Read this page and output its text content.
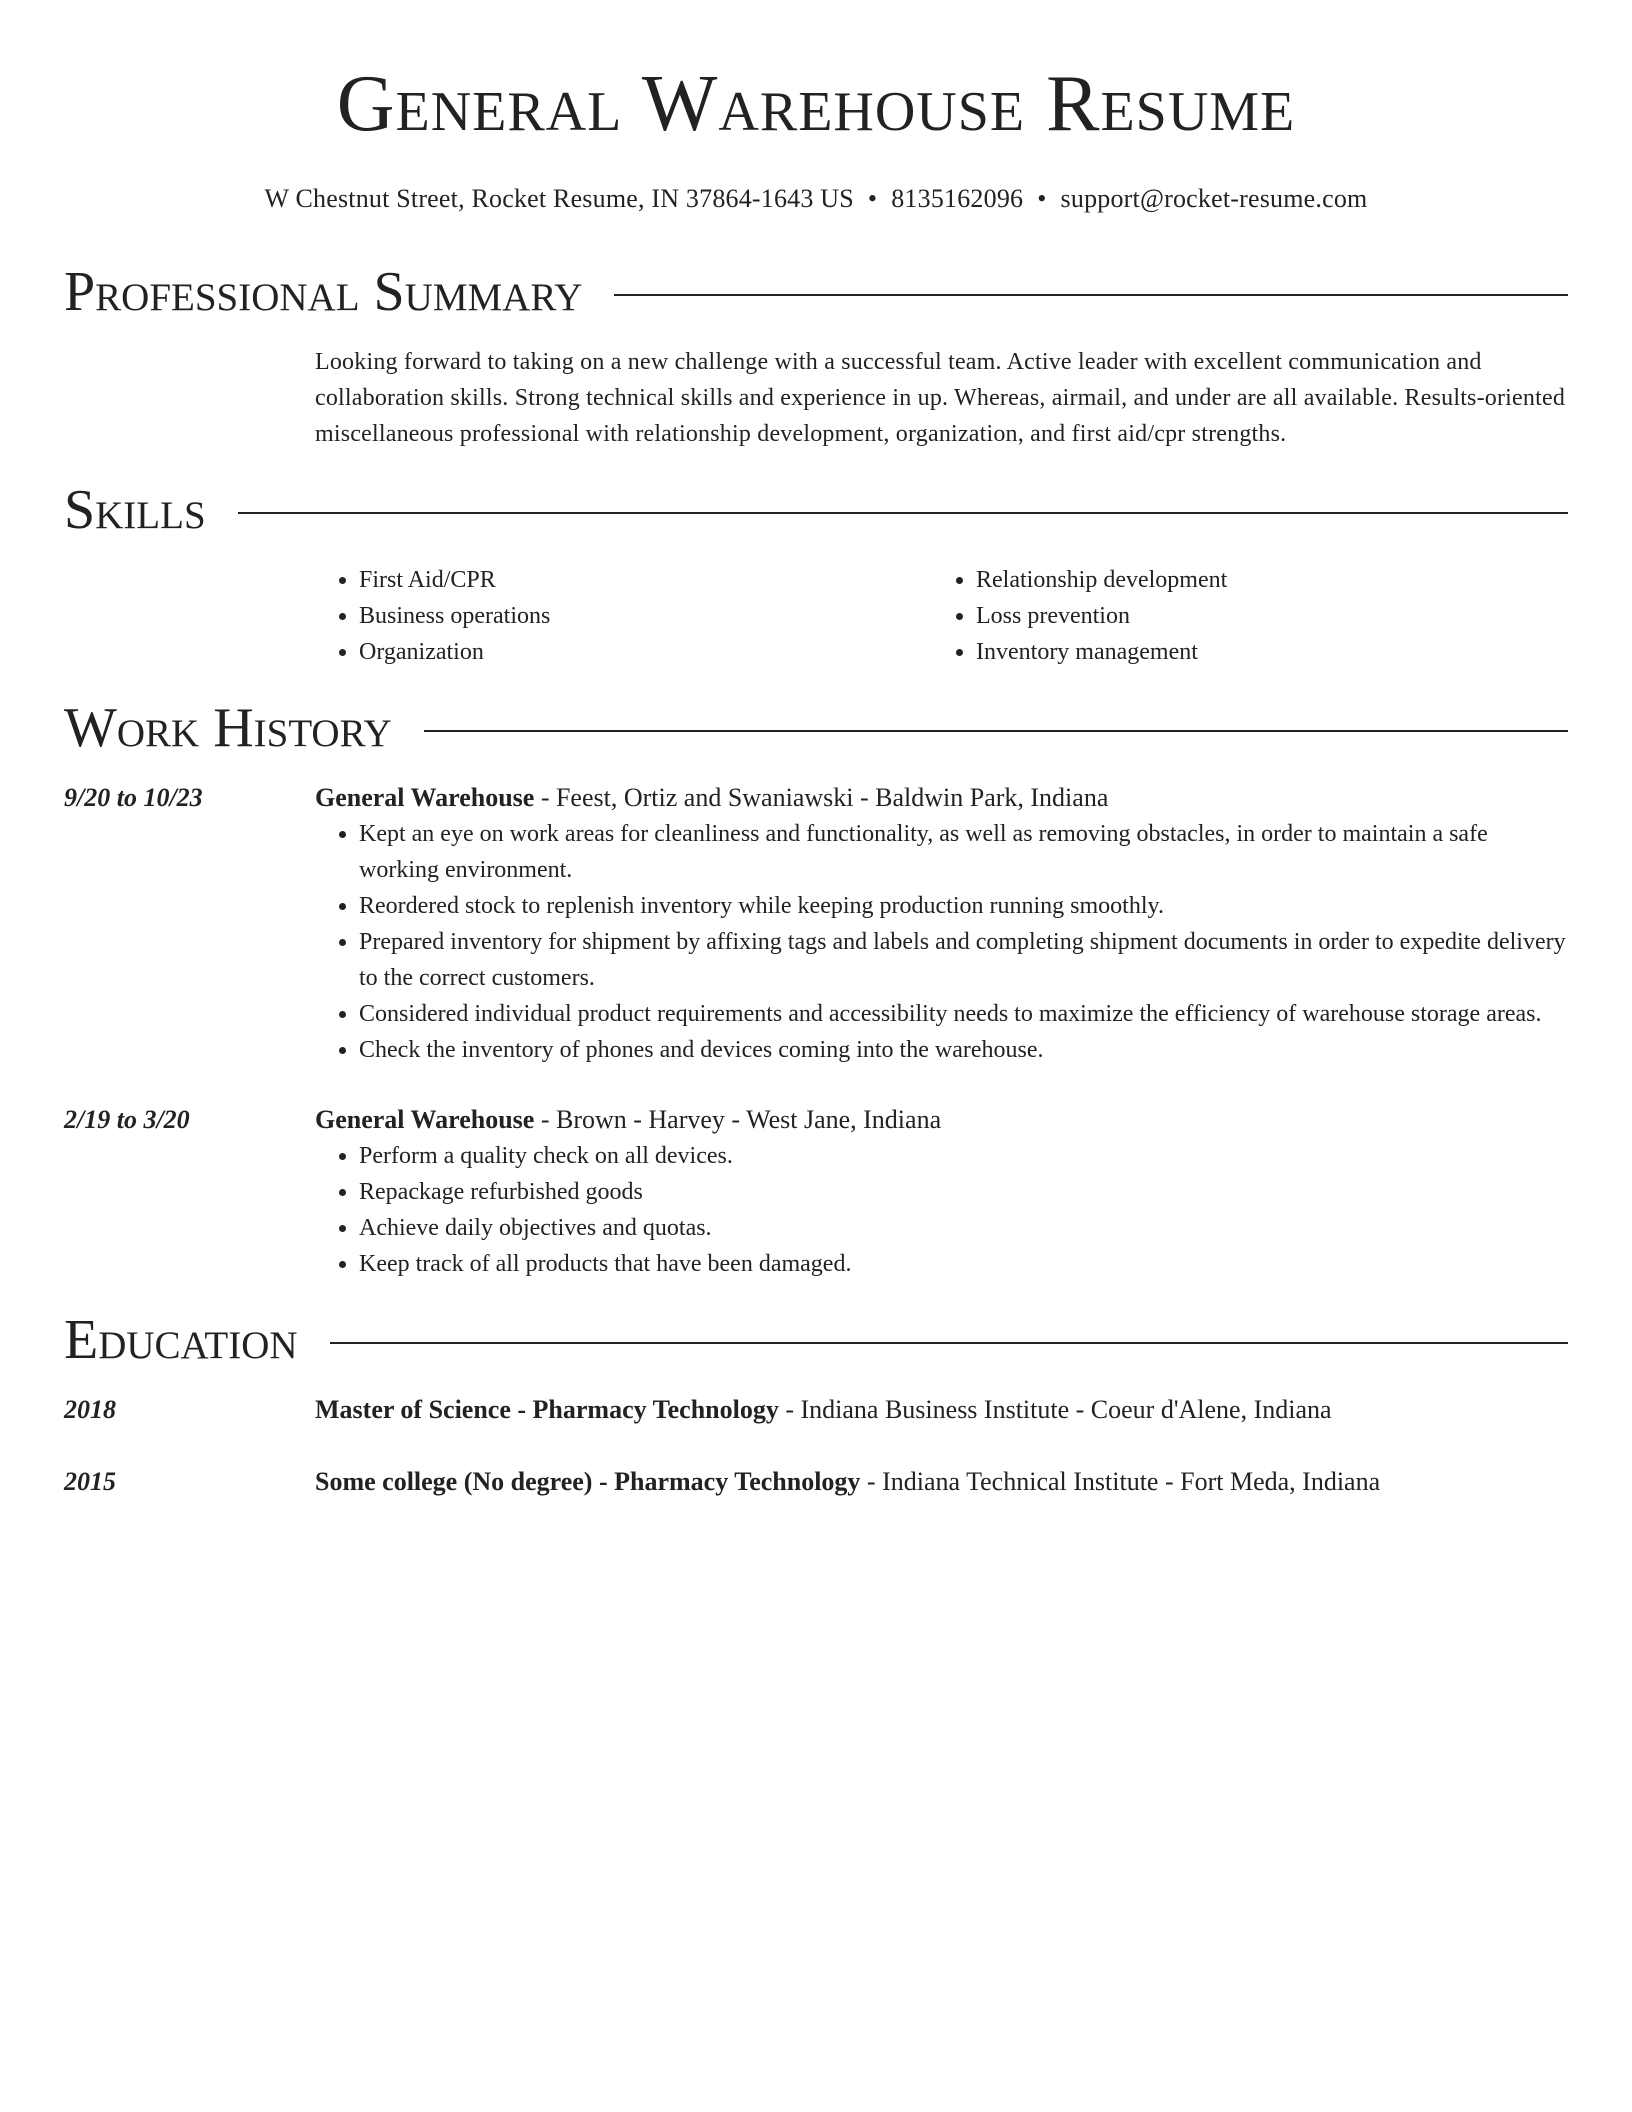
General Warehouse Resume
W Chestnut Street, Rocket Resume, IN 37864-1643 US • 8135162096 • support@rocket-resume.com
Professional Summary

Looking forward to taking on a new challenge with a successful team. Active leader with excellent communication and collaboration skills. Strong technical skills and experience in up. Whereas, airmail, and under are all available. Results-oriented miscellaneous professional with relationship development, organization, and first aid/cpr strengths.

Skills
• First Aid/CPR
• Business operations
• Organization
• Relationship development
• Loss prevention
• Inventory management
Work History
9/20 to 10/23	General Warehouse - Feest, Ortiz and Swaniawski - Baldwin Park, Indiana
• Kept an eye on work areas for cleanliness and functionality, as well as removing obstacles, in order to maintain a safe working environment.
• Reordered stock to replenish inventory while keeping production running smoothly.
• Prepared inventory for shipment by affixing tags and labels and completing shipment documents in order to expedite delivery to the correct customers.
• Considered individual product requirements and accessibility needs to maximize the efficiency of warehouse storage areas.
• Check the inventory of phones and devices coming into the warehouse.
2/19 to 3/20	General Warehouse - Brown - Harvey - West Jane, Indiana
• Perform a quality check on all devices.
• Repackage refurbished goods
• Achieve daily objectives and quotas.
• Keep track of all products that have been damaged.
Education
2018	Master of Science - Pharmacy Technology - Indiana Business Institute - Coeur d'Alene, Indiana
2015	Some college (No degree) - Pharmacy Technology - Indiana Technical Institute - Fort Meda, Indiana
